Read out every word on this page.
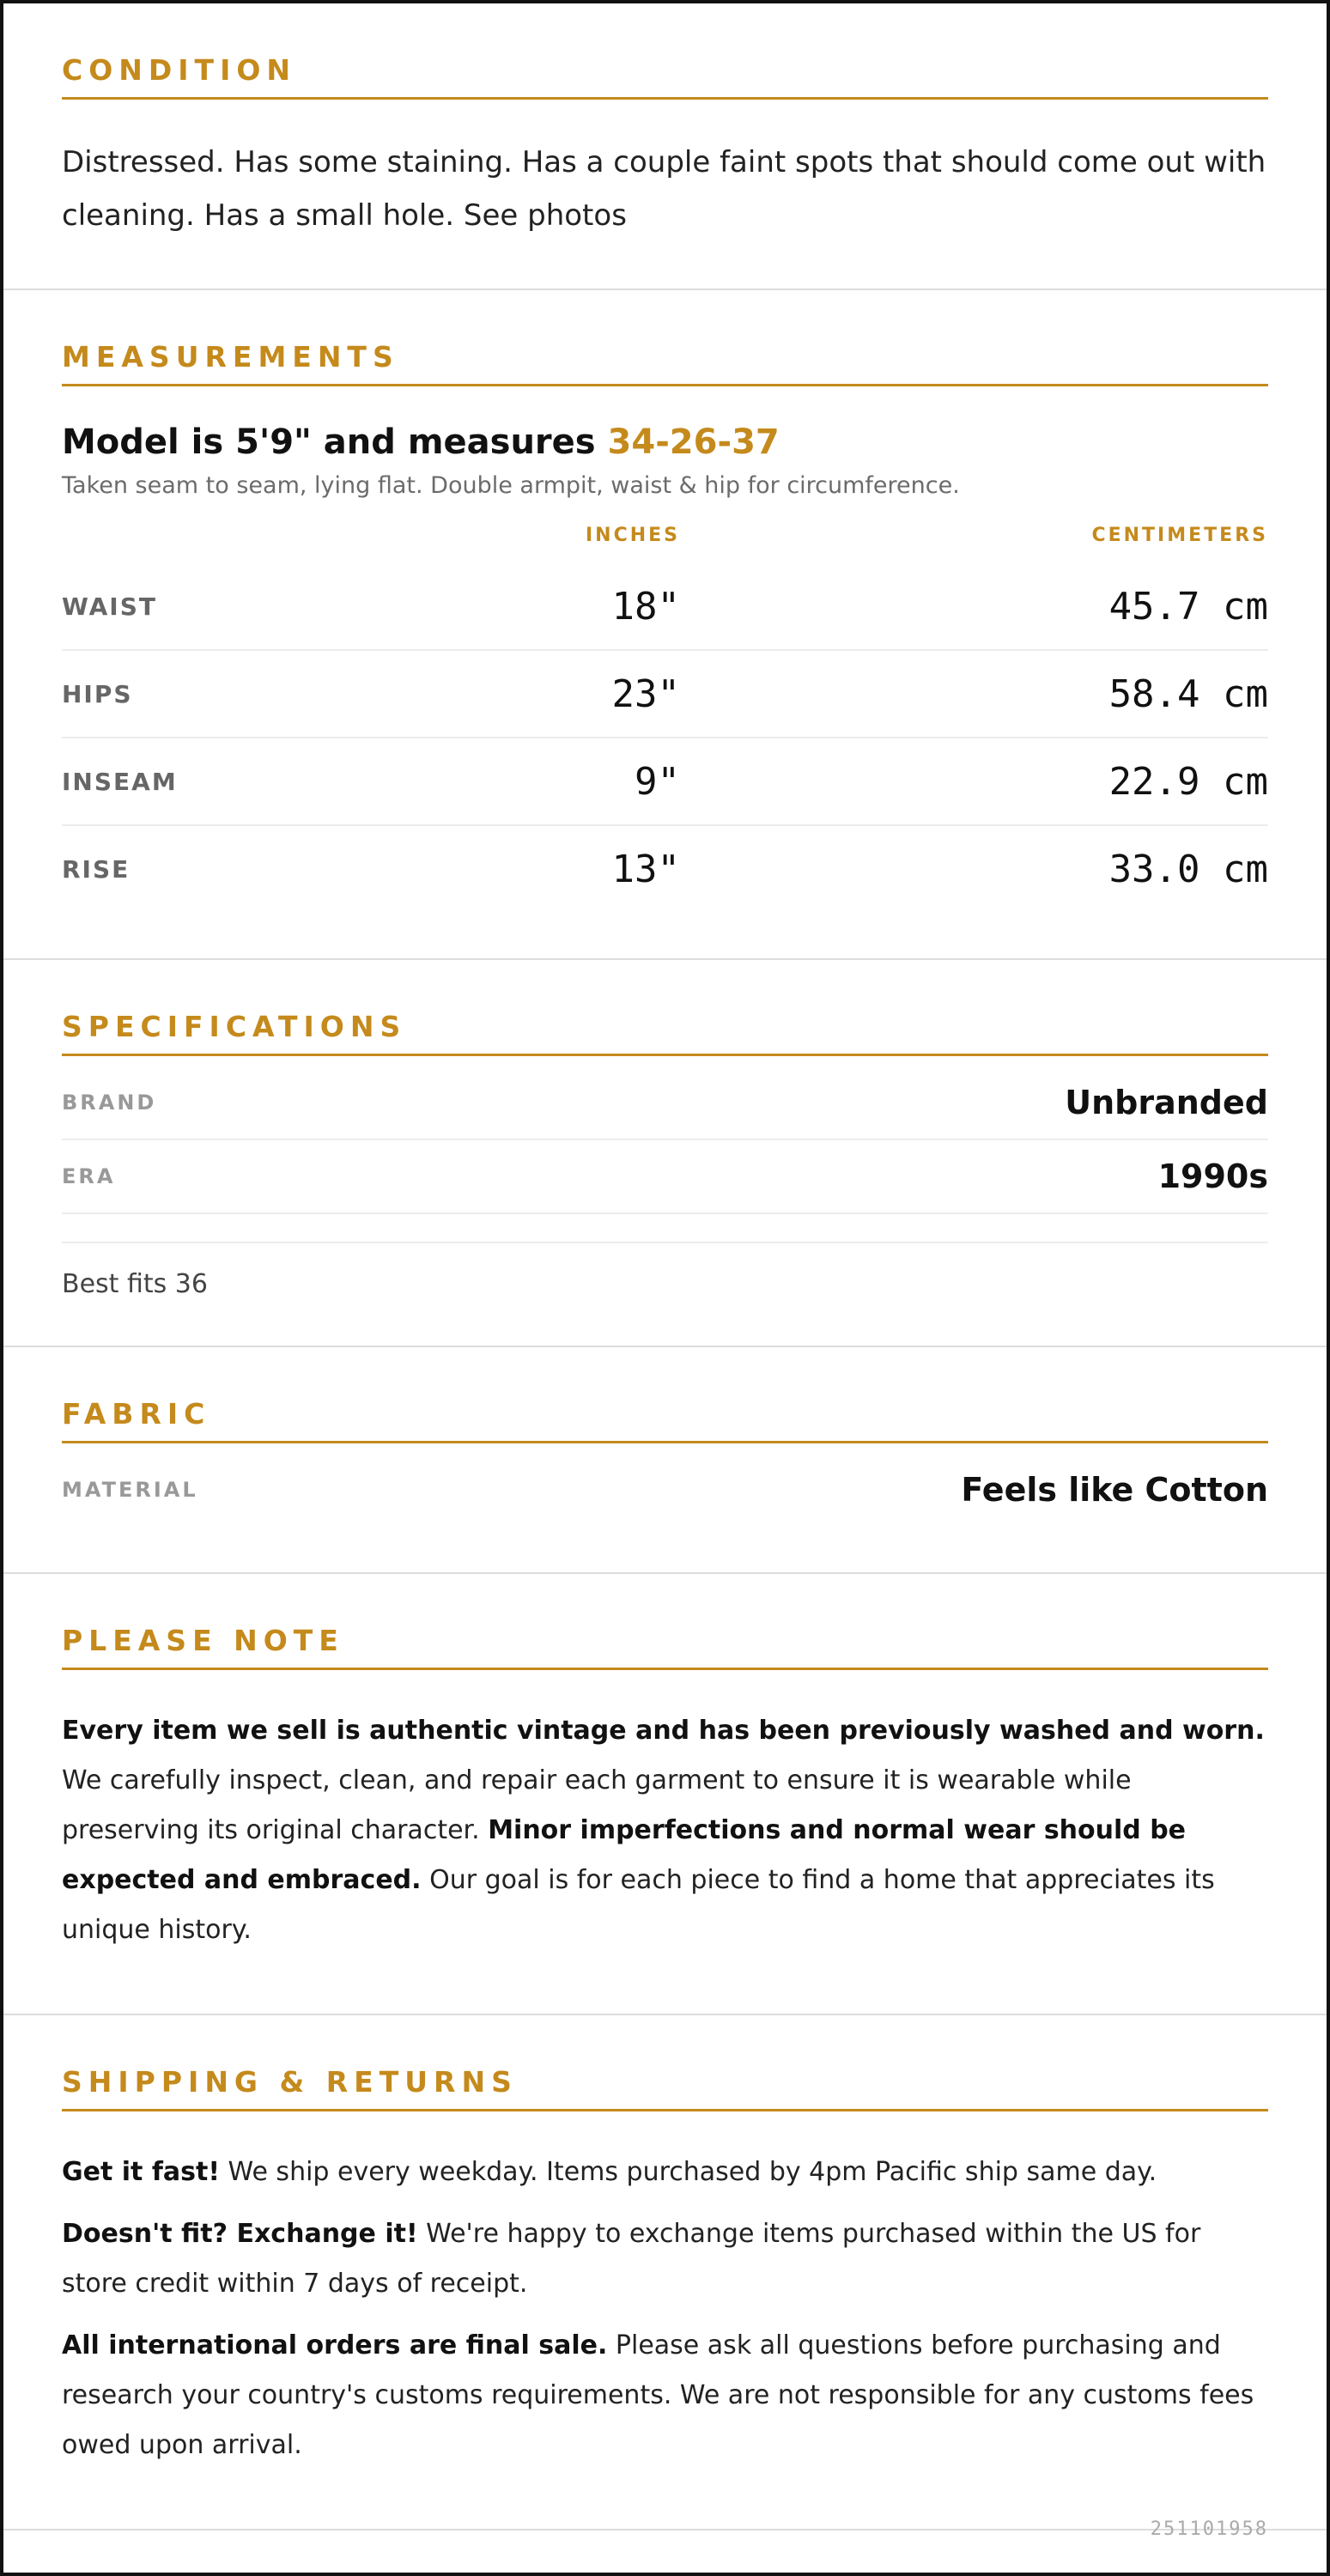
CONDITION

Distressed. Has some staining. Has a couple faint spots that should come out with cleaning. Has a small hole. See photos

MEASUREMENTS

Model is 5'9" and measures 34-26-37

Taken seam to seam, lying flat. Double armpit, waist & hip for circumference.

	INCHES	CENTIMETERS
WAIST	18"	45.7 cm
HIPS	23"	58.4 cm
INSEAM	9"	22.9 cm
RISE	13"	33.0 cm
SPECIFICATIONS
BRAND	Unbranded
ERA	1990s

Best fits 36

FABRIC
MATERIAL	Feels like Cotton
PLEASE NOTE

Every item we sell is authentic vintage and has been previously washed and worn. We carefully inspect, clean, and repair each garment to ensure it is wearable while preserving its original character. Minor imperfections and normal wear should be expected and embraced. Our goal is for each piece to find a home that appreciates its unique history.

SHIPPING & RETURNS

Get it fast! We ship every weekday. Items purchased by 4pm Pacific ship same day.

Doesn't fit? Exchange it! We're happy to exchange items purchased within the US for store credit within 7 days of receipt.

All international orders are final sale. Please ask all questions before purchasing and research your country's customs requirements. We are not responsible for any customs fees owed upon arrival.

251101958
